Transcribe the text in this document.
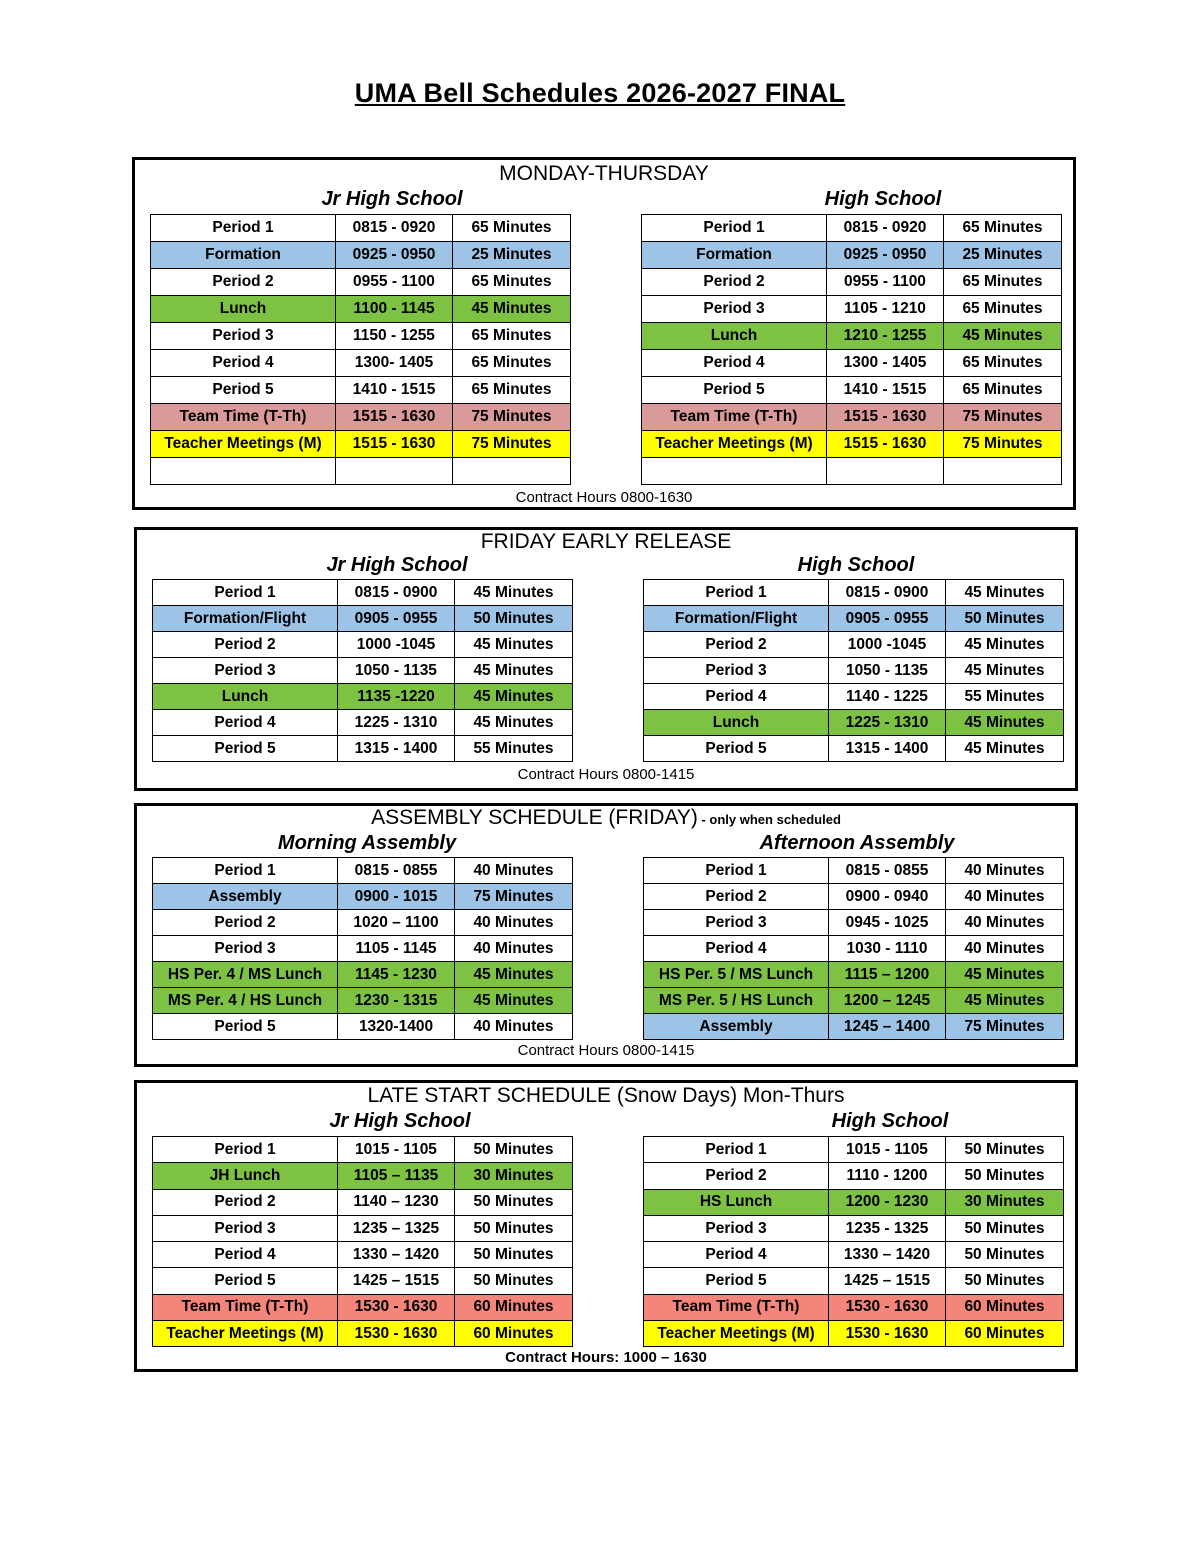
UMA Bell Schedules 2026-2027 FINAL
MONDAY-THURSDAY
Jr High School	High School
Period 1	0815 - 0920	65 Minutes
Formation	0925 - 0950	25 Minutes
Period 2	0955 - 1100	65 Minutes
Lunch	1100 - 1145	45 Minutes
Period 3	1150 - 1255	65 Minutes
Period 4	1300- 1405	65 Minutes
Period 5	1410 - 1515	65 Minutes
Team Time (T-Th)	1515 - 1630	75 Minutes
Teacher Meetings (M)	1515 - 1630	75 Minutes

Period 1	0815 - 0920	65 Minutes
Formation	0925 - 0950	25 Minutes
Period 2	0955 - 1100	65 Minutes
Period 3	1105 - 1210	65 Minutes
Lunch	1210 - 1255	45 Minutes
Period 4	1300 - 1405	65 Minutes
Period 5	1410 - 1515	65 Minutes
Team Time (T-Th)	1515 - 1630	75 Minutes
Teacher Meetings (M)	1515 - 1630	75 Minutes

Contract Hours 0800-1630
FRIDAY EARLY RELEASE
Jr High School	High School
Period 1	0815 - 0900	45 Minutes
Formation/Flight	0905 - 0955	50 Minutes
Period 2	1000 -1045	45 Minutes
Period 3	1050 - 1135	45 Minutes
Lunch	1135 -1220	45 Minutes
Period 4	1225 - 1310	45 Minutes
Period 5	1315 - 1400	55 Minutes
Period 1	0815 - 0900	45 Minutes
Formation/Flight	0905 - 0955	50 Minutes
Period 2	1000 -1045	45 Minutes
Period 3	1050 - 1135	45 Minutes
Period 4	1140 - 1225	55 Minutes
Lunch	1225 - 1310	45 Minutes
Period 5	1315 - 1400	45 Minutes
Contract Hours 0800-1415
ASSEMBLY SCHEDULE (FRIDAY) - only when scheduled
Morning Assembly	Afternoon Assembly
Period 1	0815 - 0855	40 Minutes
Assembly	0900 - 1015	75 Minutes
Period 2	1020 – 1100	40 Minutes
Period 3	1105 - 1145	40 Minutes
HS Per. 4 / MS Lunch	1145 - 1230	45 Minutes
MS Per. 4 / HS Lunch	1230 - 1315	45 Minutes
Period 5	1320-1400	40 Minutes
Period 1	0815 - 0855	40 Minutes
Period 2	0900 - 0940	40 Minutes
Period 3	0945 - 1025	40 Minutes
Period 4	1030 - 1110	40 Minutes
HS Per. 5 / MS Lunch	1115 – 1200	45 Minutes
MS Per. 5 / HS Lunch	1200 – 1245	45 Minutes
Assembly	1245 – 1400	75 Minutes
Contract Hours 0800-1415
LATE START SCHEDULE (Snow Days) Mon-Thurs
Jr High School	High School
Period 1	1015 - 1105	50 Minutes
JH Lunch	1105 – 1135	30 Minutes
Period 2	1140 – 1230	50 Minutes
Period 3	1235 – 1325	50 Minutes
Period 4	1330 – 1420	50 Minutes
Period 5	1425 – 1515	50 Minutes
Team Time (T-Th)	1530 - 1630	60 Minutes
Teacher Meetings (M)	1530 - 1630	60 Minutes
Period 1	1015 - 1105	50 Minutes
Period 2	1110 - 1200	50 Minutes
HS Lunch	1200 - 1230	30 Minutes
Period 3	1235 - 1325	50 Minutes
Period 4	1330 – 1420	50 Minutes
Period 5	1425 – 1515	50 Minutes
Team Time (T-Th)	1530 - 1630	60 Minutes
Teacher Meetings (M)	1530 - 1630	60 Minutes
Contract Hours: 1000 – 1630
